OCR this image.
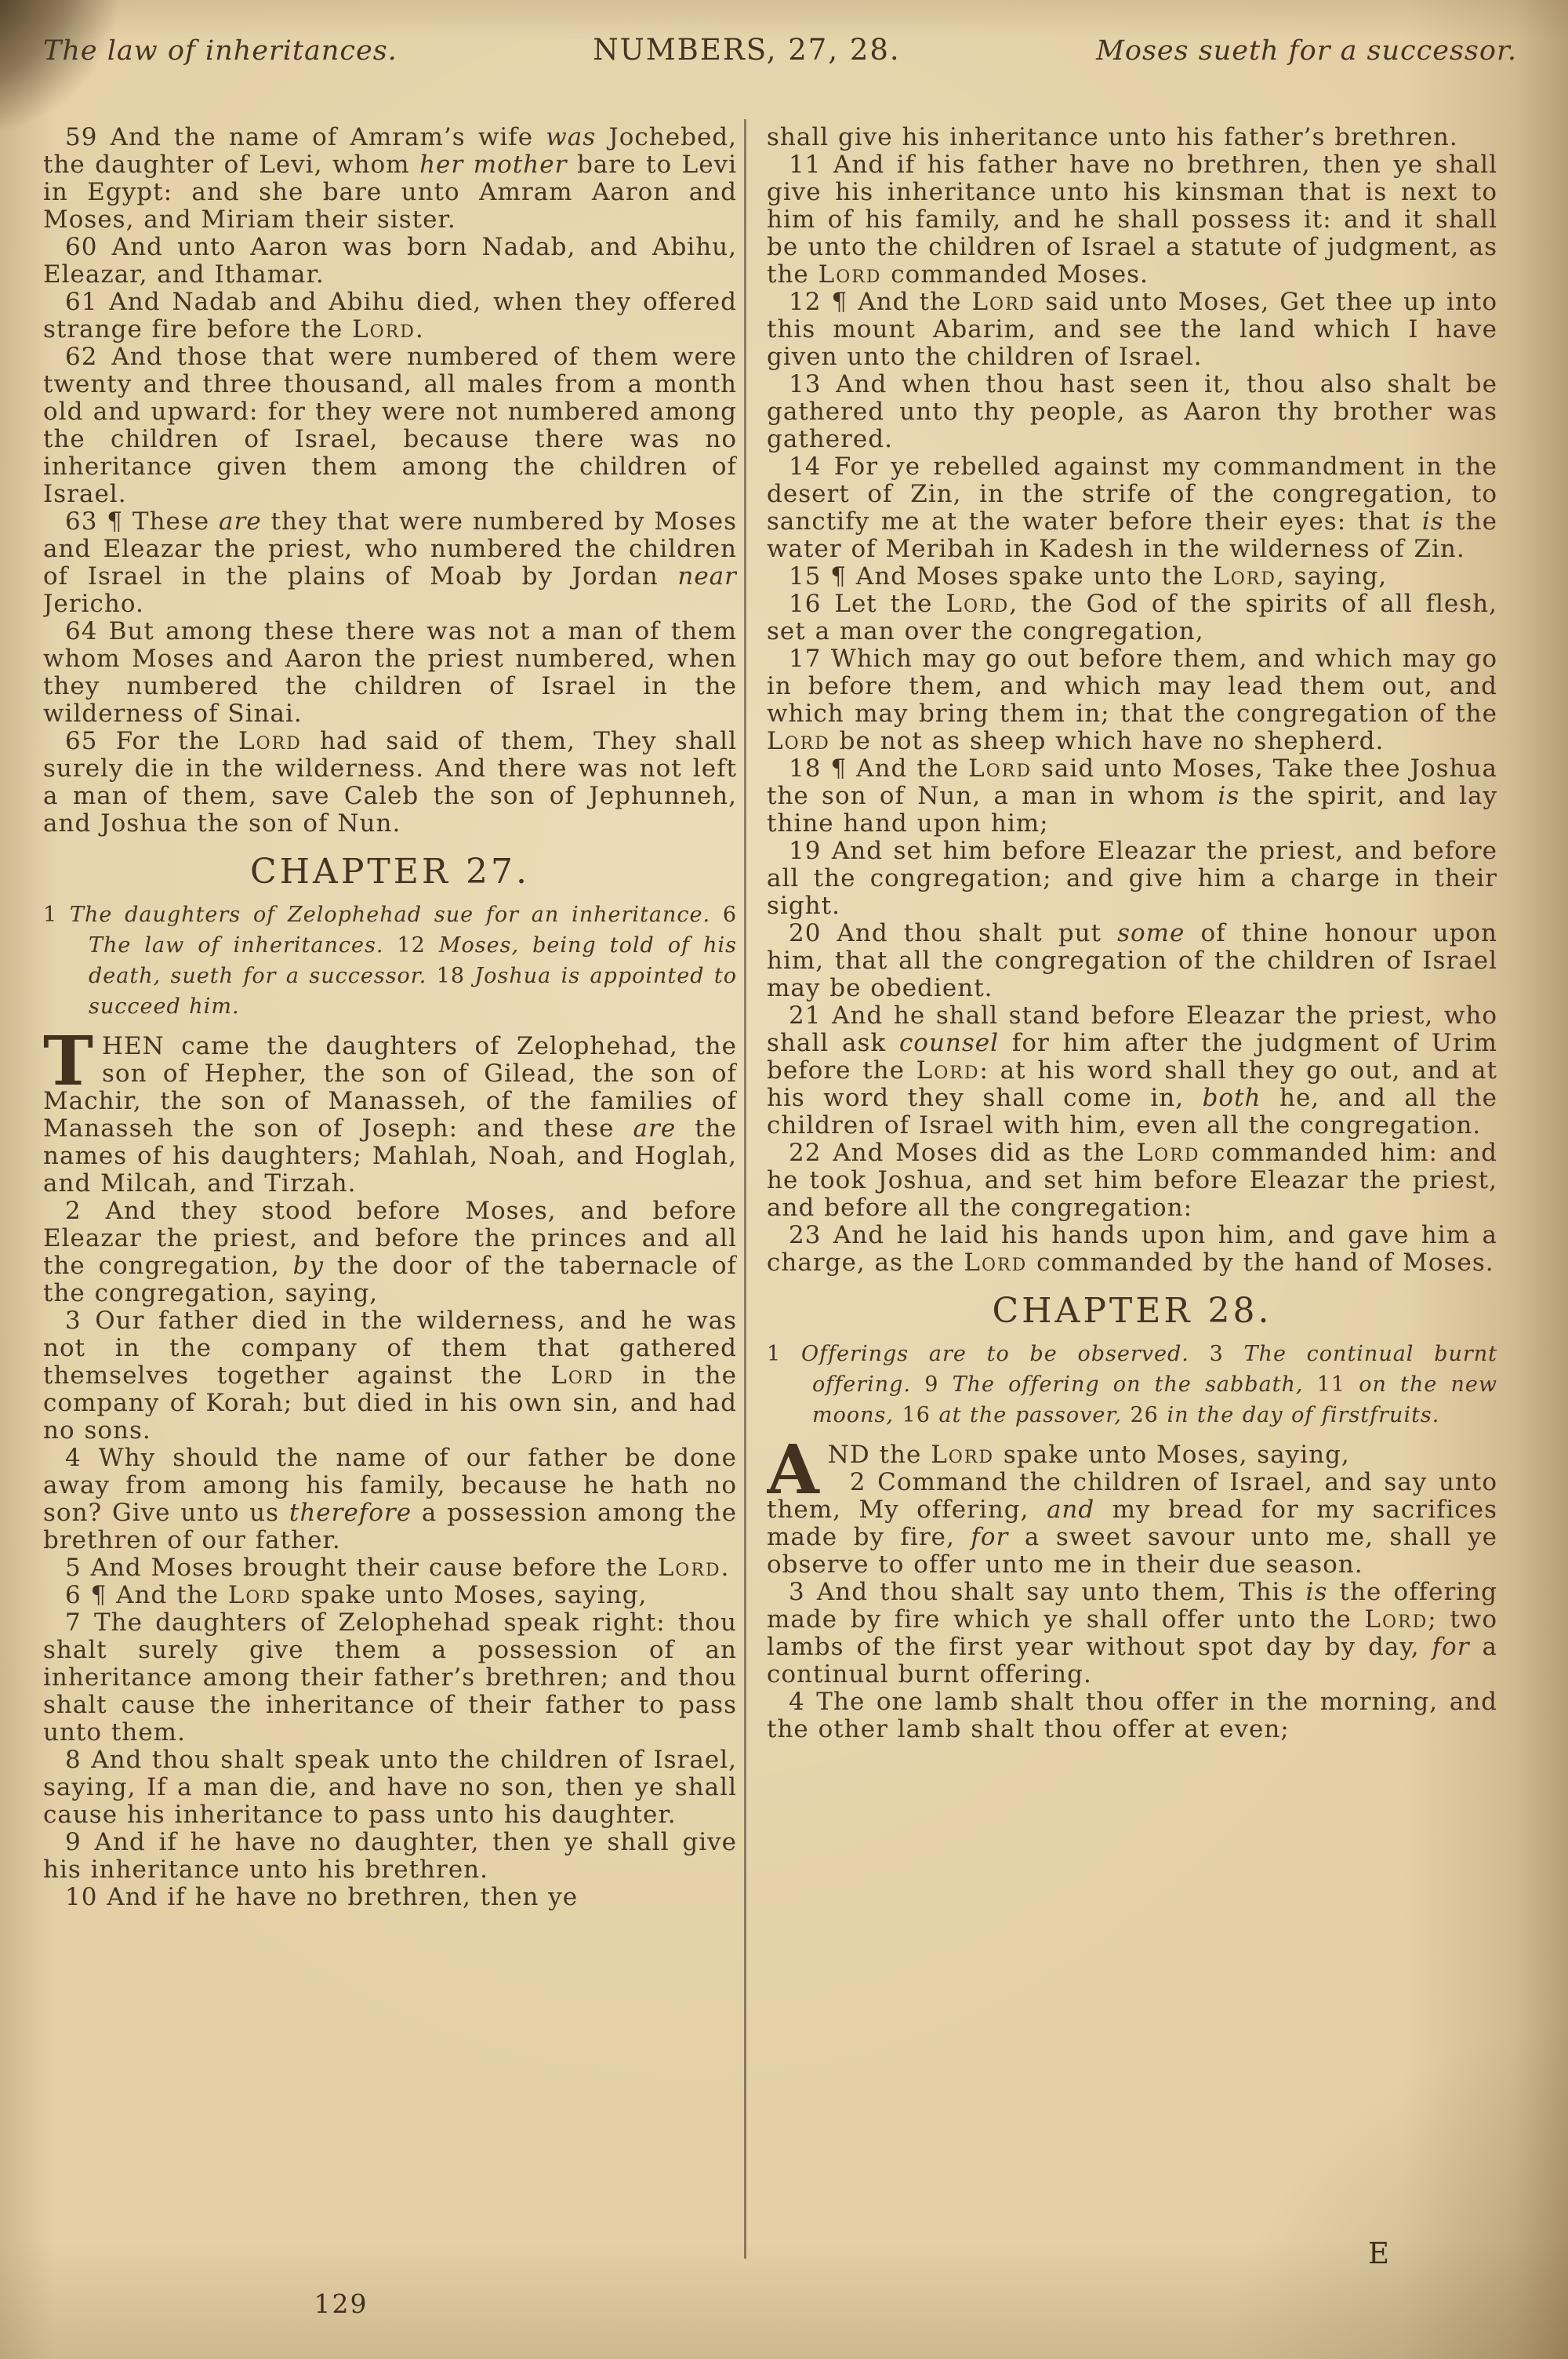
The law of inheritances.	NUMBERS, 27, 28.	Moses sueth for a successor.

59 And the name of Amram’s wife was Jochebed, the daughter of Levi, whom her mother bare to Levi in Egypt: and she bare unto Amram Aaron and Moses, and Miriam their sister.

60 And unto Aaron was born Nadab, and Abihu, Eleazar, and Ithamar.

61 And Nadab and Abihu died, when they offered strange fire before the Lord.

62 And those that were numbered of them were twenty and three thousand, all males from a month old and upward: for they were not numbered among the children of Israel, because there was no inheritance given them among the children of Israel.

63 ¶ These are they that were numbered by Moses and Eleazar the priest, who numbered the children of Israel in the plains of Moab by Jordan near Jericho.

64 But among these there was not a man of them whom Moses and Aaron the priest numbered, when they numbered the children of Israel in the wilderness of Sinai.

65 For the Lord had said of them, They shall surely die in the wilderness. And there was not left a man of them, save Caleb the son of Jephunneh, and Joshua the son of Nun.

CHAPTER 27.

1 The daughters of Zelophehad sue for an inheritance. 6 The law of inheritances. 12 Moses, being told of his death, sueth for a successor. 18 Joshua is appointed to succeed him.

THEN came the daughters of Zelophehad, the son of Hepher, the son of Gilead, the son of Machir, the son of Manasseh, of the families of Manasseh the son of Joseph: and these are the names of his daughters; Mahlah, Noah, and Hoglah, and Milcah, and Tirzah.

2 And they stood before Moses, and before Eleazar the priest, and before the princes and all the congregation, by the door of the tabernacle of the congregation, saying,

3 Our father died in the wilderness, and he was not in the company of them that gathered themselves together against the Lord in the company of Korah; but died in his own sin, and had no sons.

4 Why should the name of our father be done away from among his family, because he hath no son? Give unto us therefore a possession among the brethren of our father.

5 And Moses brought their cause before the Lord.

6 ¶ And the Lord spake unto Moses, saying,

7 The daughters of Zelophehad speak right: thou shalt surely give them a possession of an inheritance among their father’s brethren; and thou shalt cause the inheritance of their father to pass unto them.

8 And thou shalt speak unto the children of Israel, saying, If a man die, and have no son, then ye shall cause his inheritance to pass unto his daughter.

9 And if he have no daughter, then ye shall give his inheritance unto his brethren.

10 And if he have no brethren, then ye

shall give his inheritance unto his father’s brethren.

11 And if his father have no brethren, then ye shall give his inheritance unto his kinsman that is next to him of his family, and he shall possess it: and it shall be unto the children of Israel a statute of judgment, as the Lord commanded Moses.

12 ¶ And the Lord said unto Moses, Get thee up into this mount Abarim, and see the land which I have given unto the children of Israel.

13 And when thou hast seen it, thou also shalt be gathered unto thy people, as Aaron thy brother was gathered.

14 For ye rebelled against my commandment in the desert of Zin, in the strife of the congregation, to sanctify me at the water before their eyes: that is the water of Meribah in Kadesh in the wilderness of Zin.

15 ¶ And Moses spake unto the Lord, saying,

16 Let the Lord, the God of the spirits of all flesh, set a man over the congregation,

17 Which may go out before them, and which may go in before them, and which may lead them out, and which may bring them in; that the congregation of the Lord be not as sheep which have no shepherd.

18 ¶ And the Lord said unto Moses, Take thee Joshua the son of Nun, a man in whom is the spirit, and lay thine hand upon him;

19 And set him before Eleazar the priest, and before all the congregation; and give him a charge in their sight.

20 And thou shalt put some of thine honour upon him, that all the congregation of the children of Israel may be obedient.

21 And he shall stand before Eleazar the priest, who shall ask counsel for him after the judgment of Urim before the Lord: at his word shall they go out, and at his word they shall come in, both he, and all the children of Israel with him, even all the congregation.

22 And Moses did as the Lord commanded him: and he took Joshua, and set him before Eleazar the priest, and before all the congregation:

23 And he laid his hands upon him, and gave him a charge, as the Lord commanded by the hand of Moses.

CHAPTER 28.

1 Offerings are to be observed. 3 The continual burnt offering. 9 The offering on the sabbath, 11 on the new moons, 16 at the passover, 26 in the day of firstfruits.

AND the Lord spake unto Moses, saying,

2 Command the children of Israel, and say unto them, My offering, and my bread for my sacrifices made by fire, for a sweet savour unto me, shall ye observe to offer unto me in their due season.

3 And thou shalt say unto them, This is the offering made by fire which ye shall offer unto the Lord; two lambs of the first year without spot day by day, for a continual burnt offering.

4 The one lamb shalt thou offer in the morning, and the other lamb shalt thou offer at even;

129
E
